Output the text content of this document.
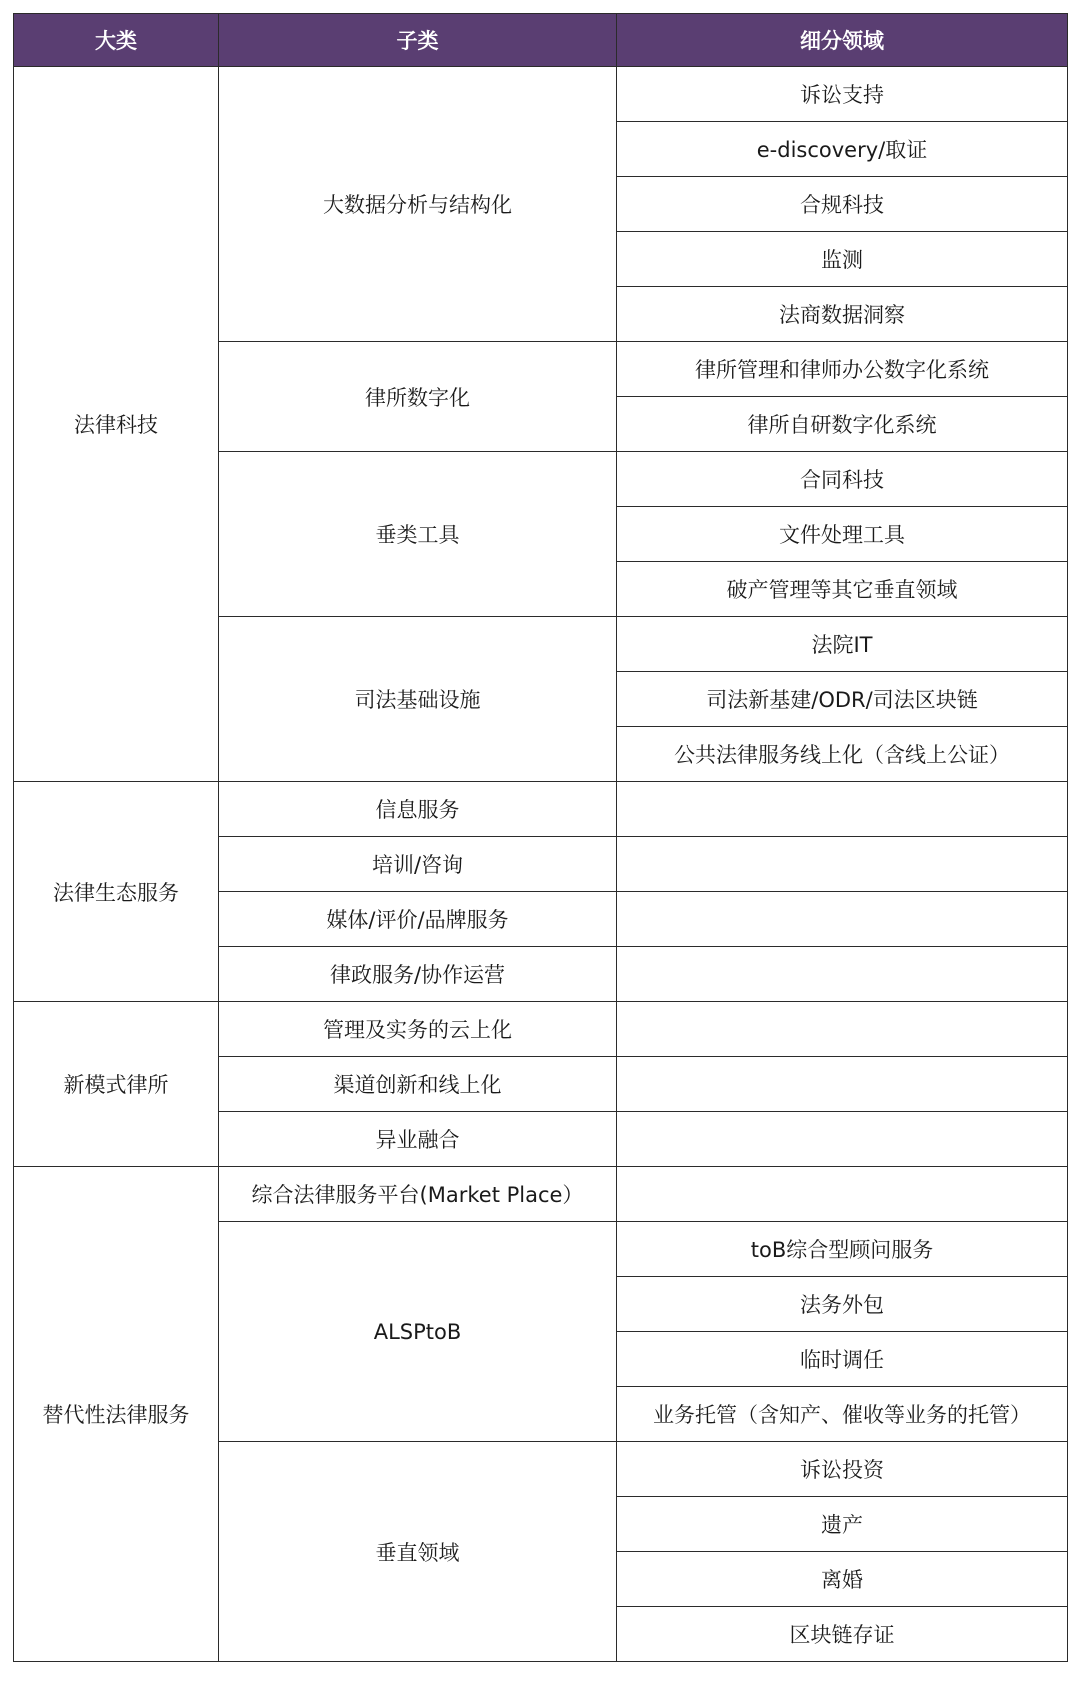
大类	子类	细分领域
法律科技	大数据分析与结构化	诉讼支持
		e-discovery/取证
		合规科技
		监测
		法商数据洞察
	律所数字化	律所管理和律师办公数字化系统
		律所自研数字化系统
	垂类工具	合同科技
		文件处理工具
		破产管理等其它垂直领域
	司法基础设施	法院IT
		司法新基建/ODR/司法区块链
		公共法律服务线上化（含线上公证）
法律生态服务	信息服务	
	培训/咨询	
	媒体/评价/品牌服务	
	律政服务/协作运营	
新模式律所	管理及实务的云上化	
	渠道创新和线上化	
	异业融合	
替代性法律服务	综合法律服务平台(Market Place）	
	ALSPtoB	toB综合型顾问服务
		法务外包
		临时调任
		业务托管（含知产、催收等业务的托管）
	垂直领域	诉讼投资
		遗产
		离婚
		区块链存证
